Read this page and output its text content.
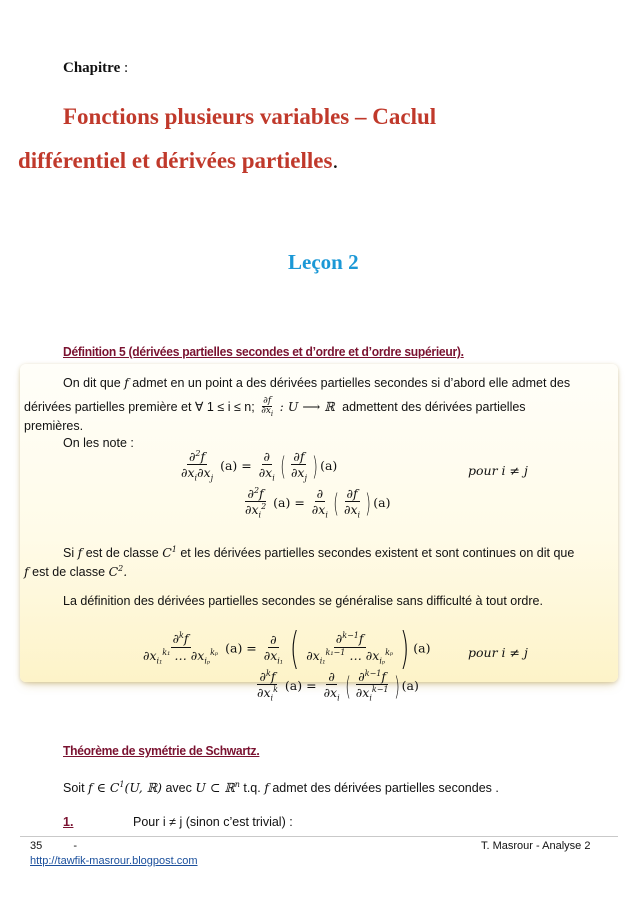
Chapitre :
Fonctions plusieurs variables – Caclul
différentiel et dérivées partielles.
Leçon 2
Définition 5 (dérivées partielles secondes et d’ordre et d’ordre supérieur).
On dit que f admet en un point a des dérivées partielles secondes si d’abord elle admet des
dérivées partielles première et ∀ 1 ≤ i ≤ n; $\frac{\partial f}{\partial x_i}$ : U ⟶ ℝ admettent des dérivées partielles
premières.
On les note :
$\frac{\partial^2f}{\partial x_i\partial x_j} (a) = \frac{\partial}{\partial x_i}$ ( $\frac{\partial f}{\partial x_j}$ ) (a)	pour i ≠ j
$\frac{\partial^2f}{\partial x_i^2} (a) = \frac{\partial}{\partial x_i}$ ( $\frac{\partial f}{\partial x_i}$ ) (a)
Si f est de classe $C^1$ et les dérivées partielles secondes existent et sont continues on dit que
f est de classe $C^2$.
La définition des dérivées partielles secondes se généralise sans difficulté à tout ordre.
$\frac{\partial^kf}{\partial x_{i_1}^{k_1} \dots \partial x_{i_p}^{k_p}} (a) = \frac{\partial}{\partial x_{i_1}}$ ( $\frac{\partial^{k-1}f}{\partial x_{i_1}^{k_1-1} \dots \partial x_{i_p}^{k_p}}$ ) (a)	pour i ≠ j
$\frac{\partial^kf}{\partial x_i^k} (a) = \frac{\partial}{\partial x_i}$ ( $\frac{\partial^{k-1}f}{\partial x_i^{k-1}}$ ) (a)
Théorème de symétrie de Schwartz.
Soit f ∈ $C^1(U$, ℝ) avec U ⊂ ℝ$^n$ t.q. f admet des dérivées partielles secondes .
1.	Pour i ≠ j (sinon c’est trivial) :
35	-	T. Masrour - Analyse 2
http://tawfik-masrour.blogpost.com
